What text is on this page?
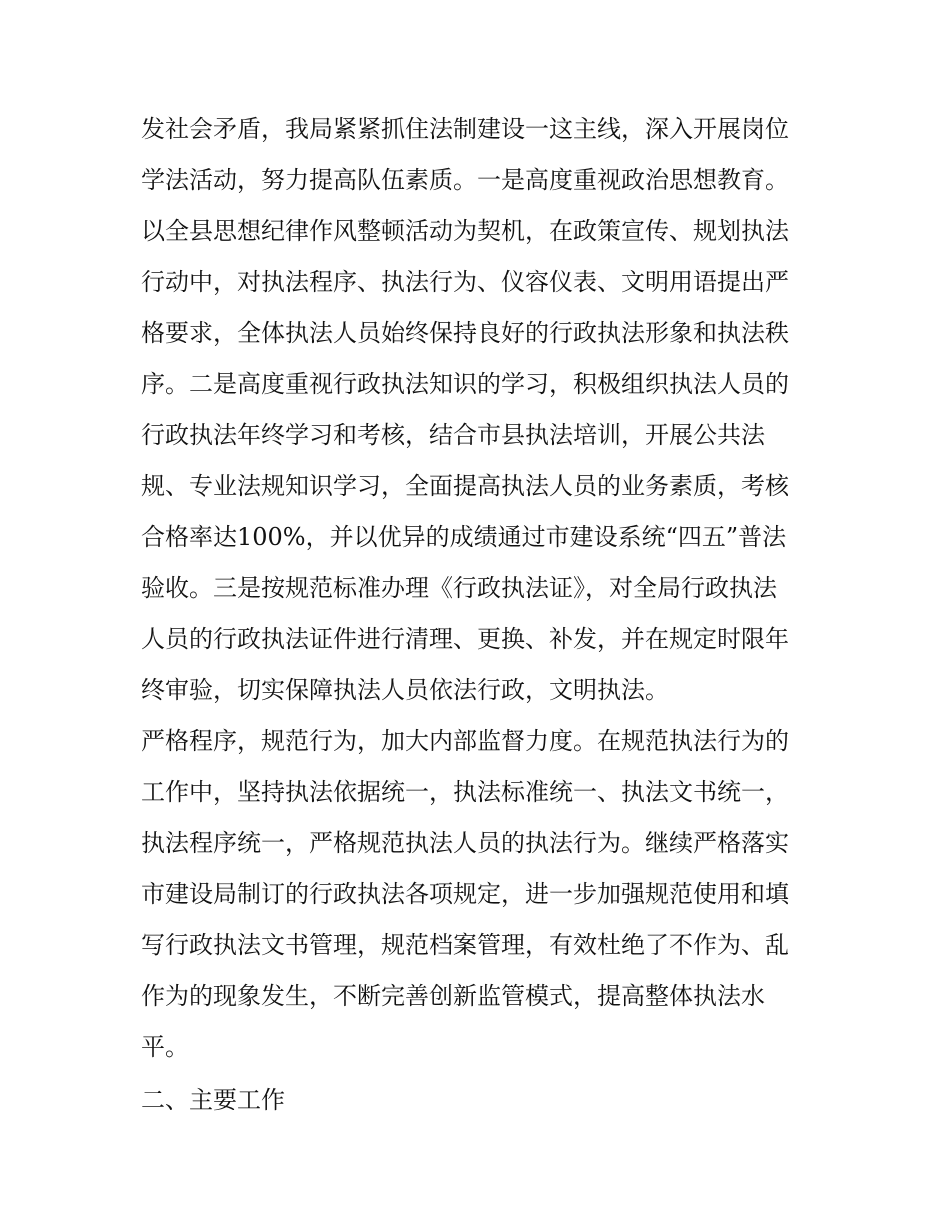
发社会矛盾，我局紧紧抓住法制建设一这主线，深入开展岗位
学法活动，努力提高队伍素质。一是高度重视政治思想教育。
以全县思想纪律作风整顿活动为契机，在政策宣传、规划执法
行动中，对执法程序、执法行为、仪容仪表、文明用语提出严
格要求，全体执法人员始终保持良好的行政执法形象和执法秩
序。二是高度重视行政执法知识的学习，积极组织执法人员的
行政执法年终学习和考核，结合市县执法培训，开展公共法
规、专业法规知识学习，全面提高执法人员的业务素质，考核
合格率达100%，并以优异的成绩通过市建设系统“四五”普法
验收。三是按规范标准办理《行政执法证》，对全局行政执法
人员的行政执法证件进行清理、更换、补发，并在规定时限年
终审验，切实保障执法人员依法行政，文明执法。
严格程序，规范行为，加大内部监督力度。在规范执法行为的
工作中，坚持执法依据统一，执法标准统一、执法文书统一，
执法程序统一，严格规范执法人员的执法行为。继续严格落实
市建设局制订的行政执法各项规定，进一步加强规范使用和填
写行政执法文书管理，规范档案管理，有效杜绝了不作为、乱
作为的现象发生，不断完善创新监管模式，提高整体执法水
平。
二、主要工作
